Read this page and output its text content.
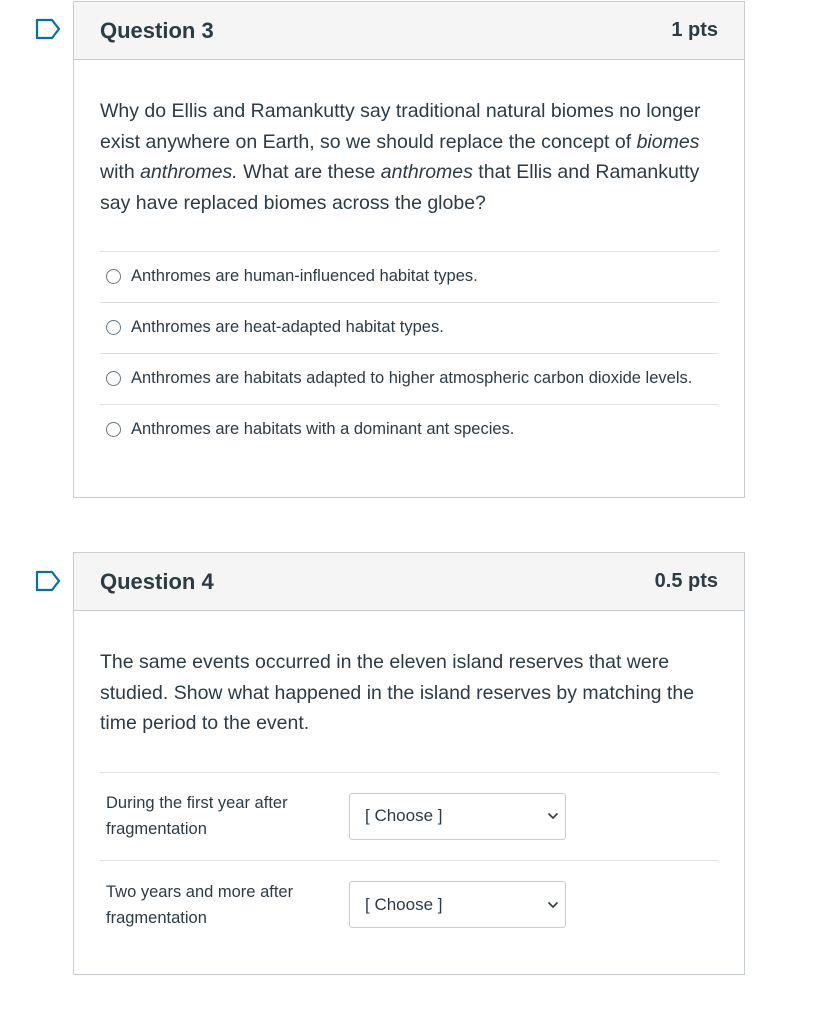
Question 3	1 pts

Why do Ellis and Ramankutty say traditional natural biomes no longer exist anywhere on Earth, so we should replace the concept of biomes with anthromes. What are these anthromes that Ellis and Ramankutty say have replaced biomes across the globe?

Anthromes are human-influenced habitat types.
Anthromes are heat-adapted habitat types.
Anthromes are habitats adapted to higher atmospheric carbon dioxide levels.
Anthromes are habitats with a dominant ant species.
Question 4	0.5 pts

The same events occurred in the eleven island reserves that were studied. Show what happened in the island reserves by matching the time period to the event.

During the first year after fragmentation
[ Choose ]
Two years and more after fragmentation
[ Choose ]
